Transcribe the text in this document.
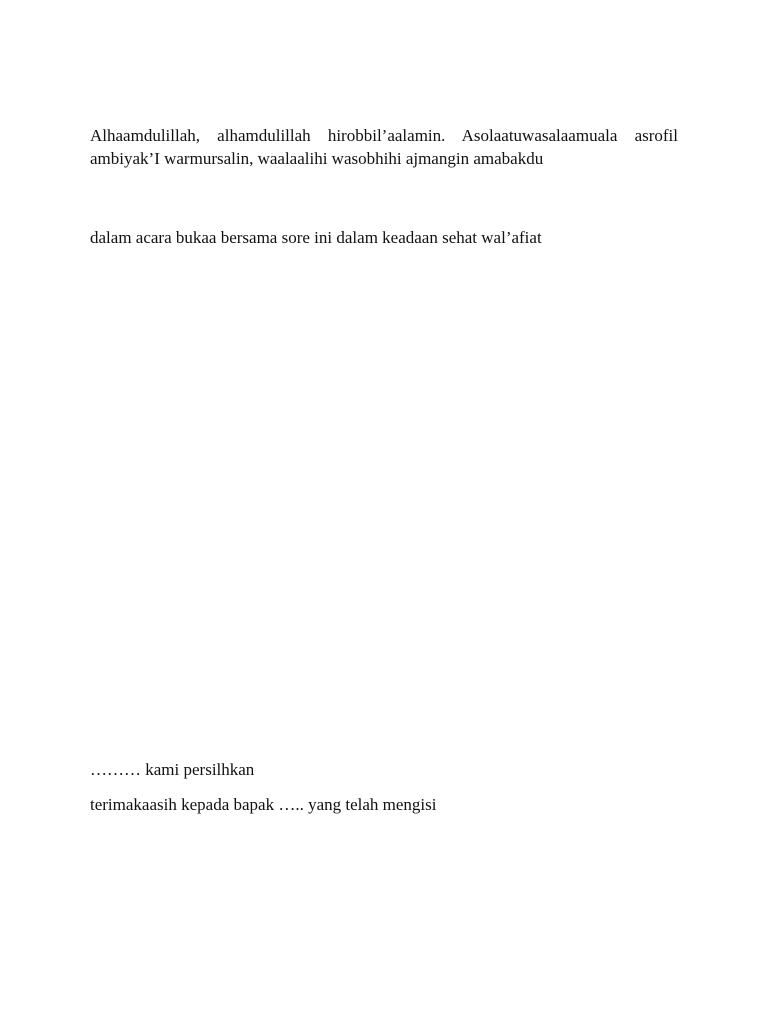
Alhaamdulillah, alhamdulillah hirobbil’aalamin. Asolaatuwasalaamuala asrofil ambiyak’I warmursalin, waalaalihi wasobhihi ajmangin amabakdu

dalam acara bukaa bersama sore ini dalam keadaan sehat wal’afiat

……… kami persilhkan

terimakaasih kepada bapak ….. yang telah mengisi
